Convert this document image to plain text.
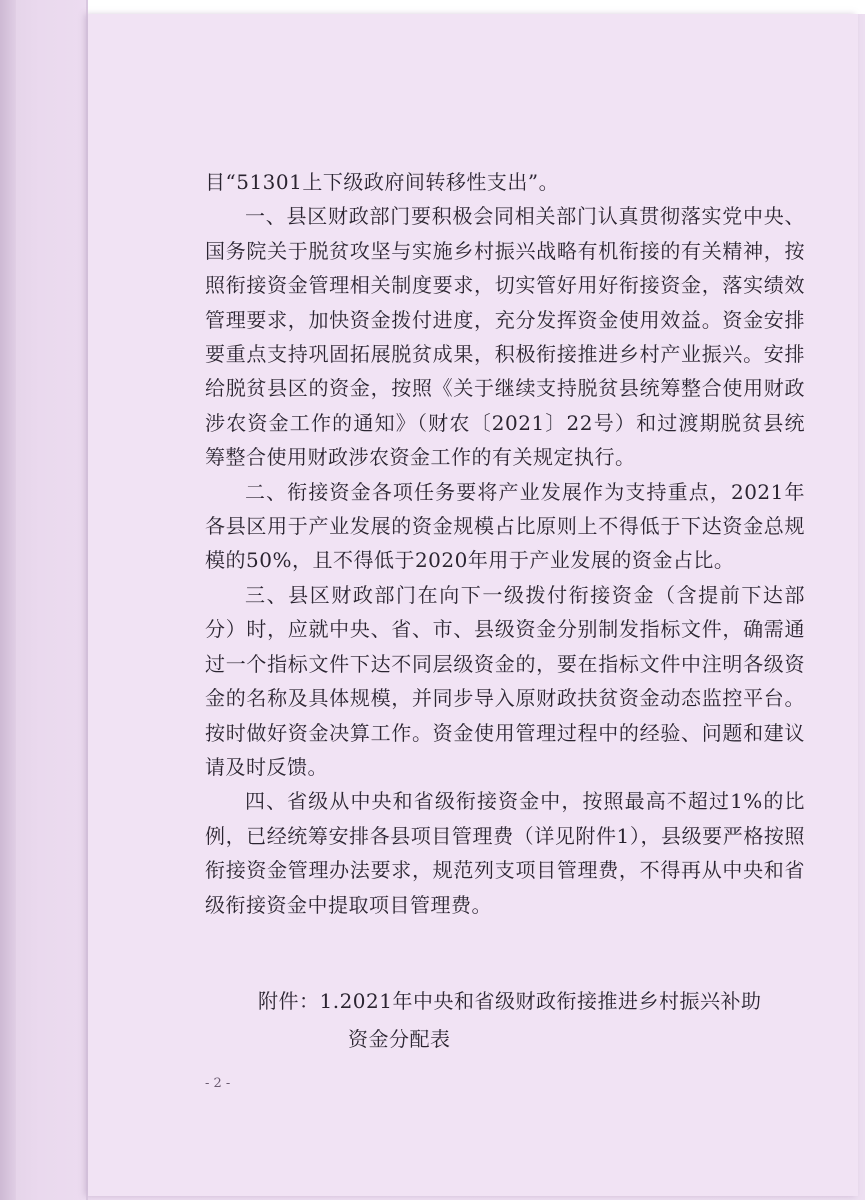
目“51301上下级政府间转移性支出”。

一、县区财政部门要积极会同相关部门认真贯彻落实党中央、国务院关于脱贫攻坚与实施乡村振兴战略有机衔接的有关精神，按照衔接资金管理相关制度要求，切实管好用好衔接资金，落实绩效管理要求，加快资金拨付进度，充分发挥资金使用效益。资金安排要重点支持巩固拓展脱贫成果，积极衔接推进乡村产业振兴。安排给脱贫县区的资金，按照《关于继续支持脱贫县统筹整合使用财政涉农资金工作的通知》（财农〔2021〕22号）和过渡期脱贫县统筹整合使用财政涉农资金工作的有关规定执行。

二、衔接资金各项任务要将产业发展作为支持重点，2021年各县区用于产业发展的资金规模占比原则上不得低于下达资金总规模的50%，且不得低于2020年用于产业发展的资金占比。

三、县区财政部门在向下一级拨付衔接资金（含提前下达部分）时，应就中央、省、市、县级资金分别制发指标文件，确需通过一个指标文件下达不同层级资金的，要在指标文件中注明各级资金的名称及具体规模，并同步导入原财政扶贫资金动态监控平台。按时做好资金决算工作。资金使用管理过程中的经验、问题和建议请及时反馈。

四、省级从中央和省级衔接资金中，按照最高不超过1%的比例，已经统筹安排各县项目管理费（详见附件1），县级要严格按照衔接资金管理办法要求，规范列支项目管理费，不得再从中央和省级衔接资金中提取项目管理费。

附件：1.2021年中央和省级财政衔接推进乡村振兴补助
资金分配表
- 2 -
